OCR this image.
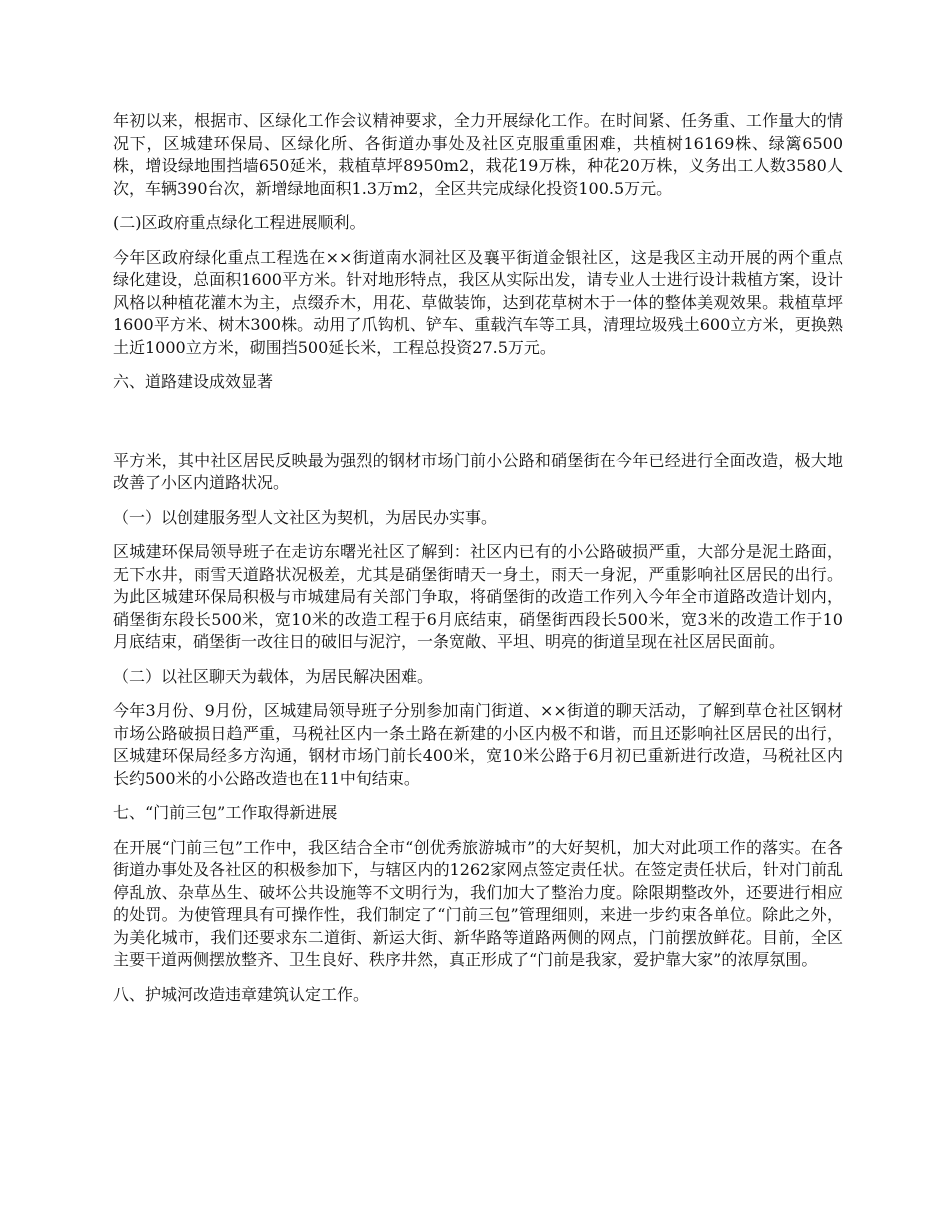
年初以来，根据市、区绿化工作会议精神要求，全力开展绿化工作。在时间紧、任务重、工作量大的情况下，区城建环保局、区绿化所、各街道办事处及社区克服重重困难，共植树16169株、绿篱6500株，增设绿地围挡墙650延米，栽植草坪8950m2，栽花19万株，种花20万株，义务出工人数3580人次，车辆390台次，新增绿地面积1.3万m2，全区共完成绿化投资100.5万元。

(二)区政府重点绿化工程进展顺利。

今年区政府绿化重点工程选在××街道南水洞社区及襄平街道金银社区，这是我区主动开展的两个重点绿化建设，总面积1600平方米。针对地形特点，我区从实际出发，请专业人士进行设计栽植方案，设计风格以种植花灌木为主，点缀乔木，用花、草做装饰，达到花草树木于一体的整体美观效果。栽植草坪1600平方米、树木300株。动用了爪钩机、铲车、重载汽车等工具，清理垃圾残土600立方米，更换熟土近1000立方米，砌围挡500延长米，工程总投资27.5万元。

六、道路建设成效显著

平方米，其中社区居民反映最为强烈的钢材市场门前小公路和硝堡街在今年已经进行全面改造，极大地改善了小区内道路状况。

（一）以创建服务型人文社区为契机，为居民办实事。

区城建环保局领导班子在走访东曙光社区了解到：社区内已有的小公路破损严重，大部分是泥土路面，无下水井，雨雪天道路状况极差，尤其是硝堡街晴天一身土，雨天一身泥，严重影响社区居民的出行。为此区城建环保局积极与市城建局有关部门争取，将硝堡街的改造工作列入今年全市道路改造计划内，硝堡街东段长500米，宽10米的改造工程于6月底结束，硝堡街西段长500米，宽3米的改造工作于10月底结束，硝堡街一改往日的破旧与泥泞，一条宽敞、平坦、明亮的街道呈现在社区居民面前。

（二）以社区聊天为载体，为居民解决困难。

今年3月份、9月份，区城建局领导班子分别参加南门街道、××街道的聊天活动，了解到草仓社区钢材市场公路破损日趋严重，马税社区内一条土路在新建的小区内极不和谐，而且还影响社区居民的出行，区城建环保局经多方沟通，钢材市场门前长400米，宽10米公路于6月初已重新进行改造，马税社区内长约500米的小公路改造也在11中旬结束。

七、“门前三包”工作取得新进展

在开展“门前三包”工作中，我区结合全市“创优秀旅游城市”的大好契机，加大对此项工作的落实。在各街道办事处及各社区的积极参加下，与辖区内的1262家网点签定责任状。在签定责任状后，针对门前乱停乱放、杂草丛生、破坏公共设施等不文明行为，我们加大了整治力度。除限期整改外，还要进行相应的处罚。为使管理具有可操作性，我们制定了“门前三包”管理细则，来进一步约束各单位。除此之外，为美化城市，我们还要求东二道街、新运大街、新华路等道路两侧的网点，门前摆放鲜花。目前，全区主要干道两侧摆放整齐、卫生良好、秩序井然，真正形成了“门前是我家，爱护靠大家”的浓厚氛围。

八、护城河改造违章建筑认定工作。
